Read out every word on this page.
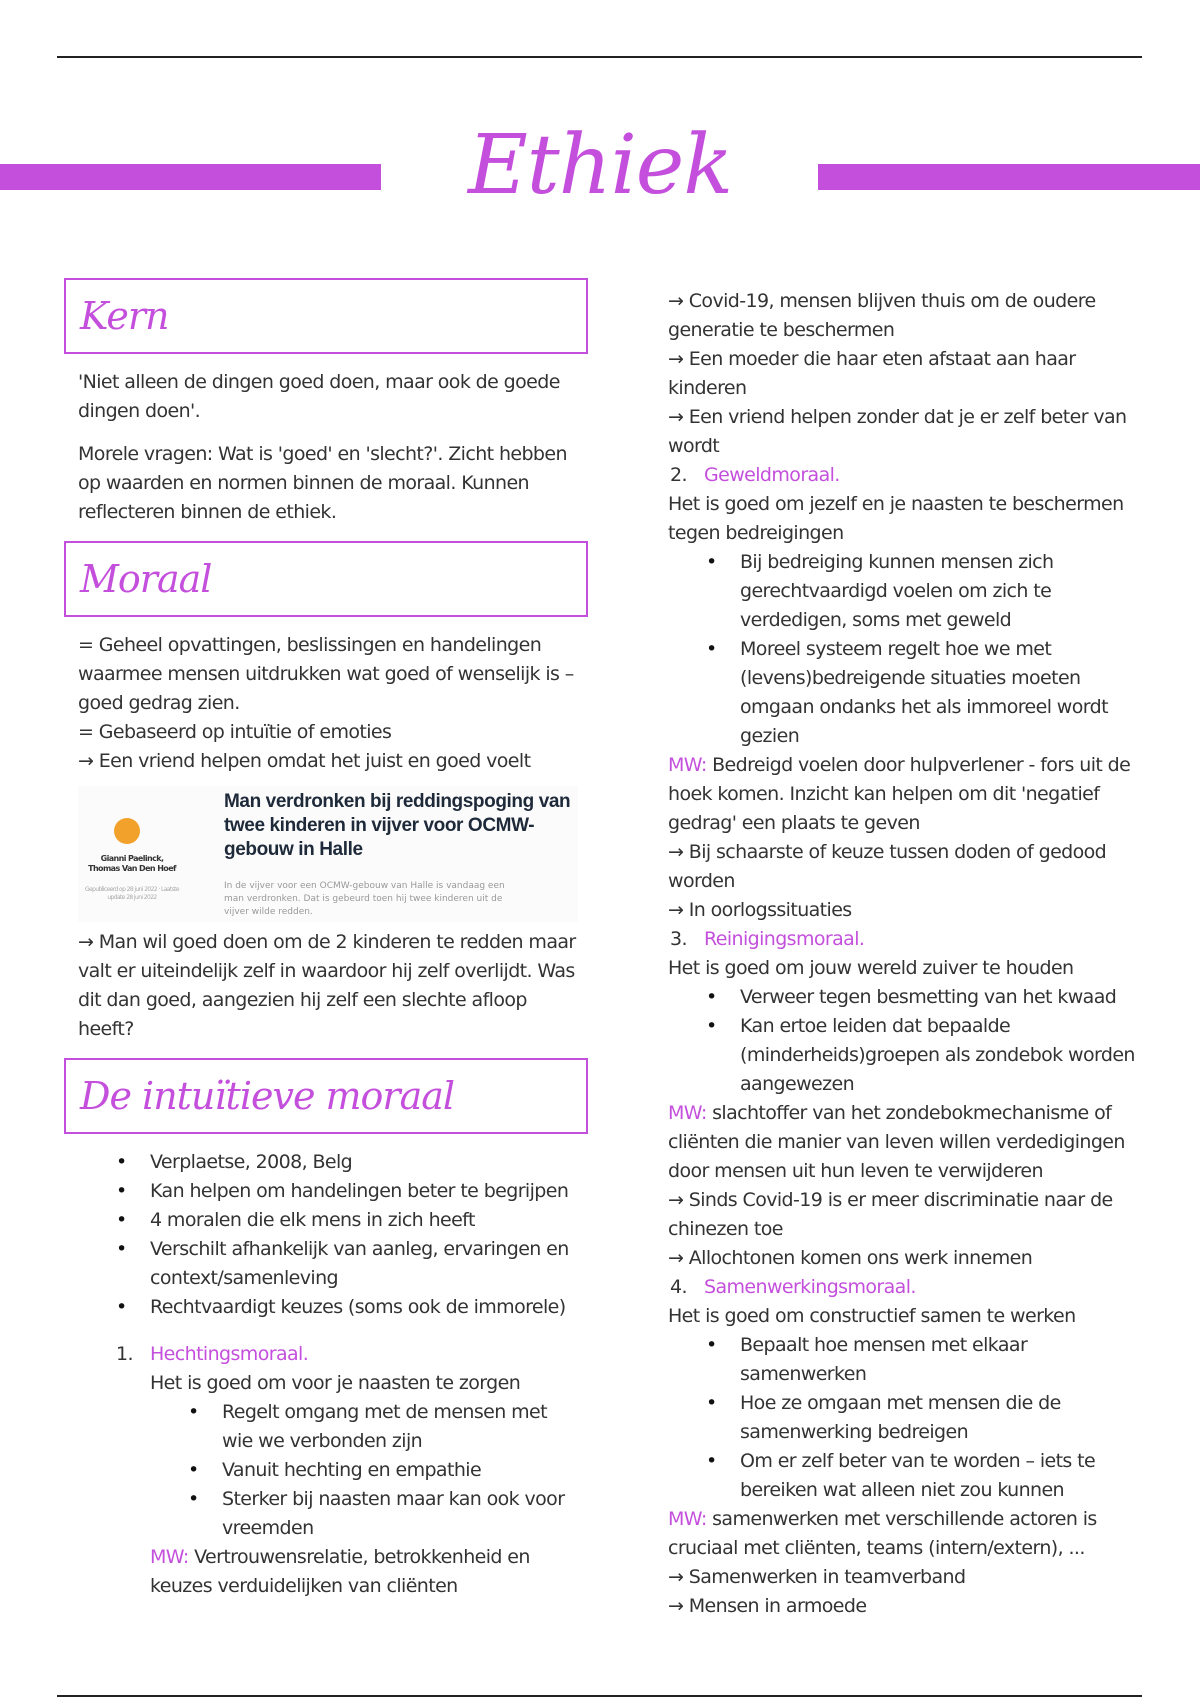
Ethiek
Kern

'Niet alleen de dingen goed doen, maar ook de goede dingen doen'.

Morele vragen: Wat is 'goed' en 'slecht?'. Zicht hebben op waarden en normen binnen de moraal. Kunnen reflecteren binnen de ethiek.

Moraal

= Geheel opvattingen, beslissingen en handelingen waarmee mensen uitdrukken wat goed of wenselijk is – goed gedrag zien.

= Gebaseerd op intuïtie of emoties

→ Een vriend helpen omdat het juist en goed voelt

Gianni Paelinck, Thomas Van Den Hoef
Gepubliceerd op 28 juni 2022 · Laatste update 28 juni 2022
Man verdronken bij reddingspoging van twee kinderen in vijver voor OCMW-gebouw in Halle
In de vijver voor een OCMW-gebouw van Halle is vandaag een man verdronken. Dat is gebeurd toen hij twee kinderen uit de vijver wilde redden.

→ Man wil goed doen om de 2 kinderen te redden maar valt er uiteindelijk zelf in waardoor hij zelf overlijdt. Was dit dan goed, aangezien hij zelf een slechte afloop heeft?

De intuïtieve moraal
• Verplaetse, 2008, Belg
• Kan helpen om handelingen beter te begrijpen
• 4 moralen die elk mens in zich heeft
• Verschilt afhankelijk van aanleg, ervaringen en context/samenleving
• Rechtvaardigt keuzes (soms ook de immorele)
1. Hechtingsmoraal.

Het is goed om voor je naasten te zorgen

• Regelt omgang met de mensen met wie we verbonden zijn
• Vanuit hechting en empathie
• Sterker bij naasten maar kan ook voor vreemden

MW: Vertrouwensrelatie, betrokkenheid en keuzes verduidelijken van cliënten

→ Covid-19, mensen blijven thuis om de oudere generatie te beschermen

→ Een moeder die haar eten afstaat aan haar kinderen

→ Een vriend helpen zonder dat je er zelf beter van wordt

2. Geweldmoraal.

Het is goed om jezelf en je naasten te beschermen tegen bedreigingen

• Bij bedreiging kunnen mensen zich gerechtvaardigd voelen om zich te verdedigen, soms met geweld
• Moreel systeem regelt hoe we met (levens)bedreigende situaties moeten omgaan ondanks het als immoreel wordt gezien

MW: Bedreigd voelen door hulpverlener - fors uit de hoek komen. Inzicht kan helpen om dit 'negatief gedrag' een plaats te geven

→ Bij schaarste of keuze tussen doden of gedood worden

→ In oorlogssituaties

3. Reinigingsmoraal.

Het is goed om jouw wereld zuiver te houden

• Verweer tegen besmetting van het kwaad
• Kan ertoe leiden dat bepaalde (minderheids)groepen als zondebok worden aangewezen

MW: slachtoffer van het zondebokmechanisme of cliënten die manier van leven willen verdedigingen door mensen uit hun leven te verwijderen

→ Sinds Covid-19 is er meer discriminatie naar de chinezen toe

→ Allochtonen komen ons werk innemen

4. Samenwerkingsmoraal.

Het is goed om constructief samen te werken

• Bepaalt hoe mensen met elkaar samenwerken
• Hoe ze omgaan met mensen die de samenwerking bedreigen
• Om er zelf beter van te worden – iets te bereiken wat alleen niet zou kunnen

MW: samenwerken met verschillende actoren is cruciaal met cliënten, teams (intern/extern), ...

→ Samenwerken in teamverband

→ Mensen in armoede
